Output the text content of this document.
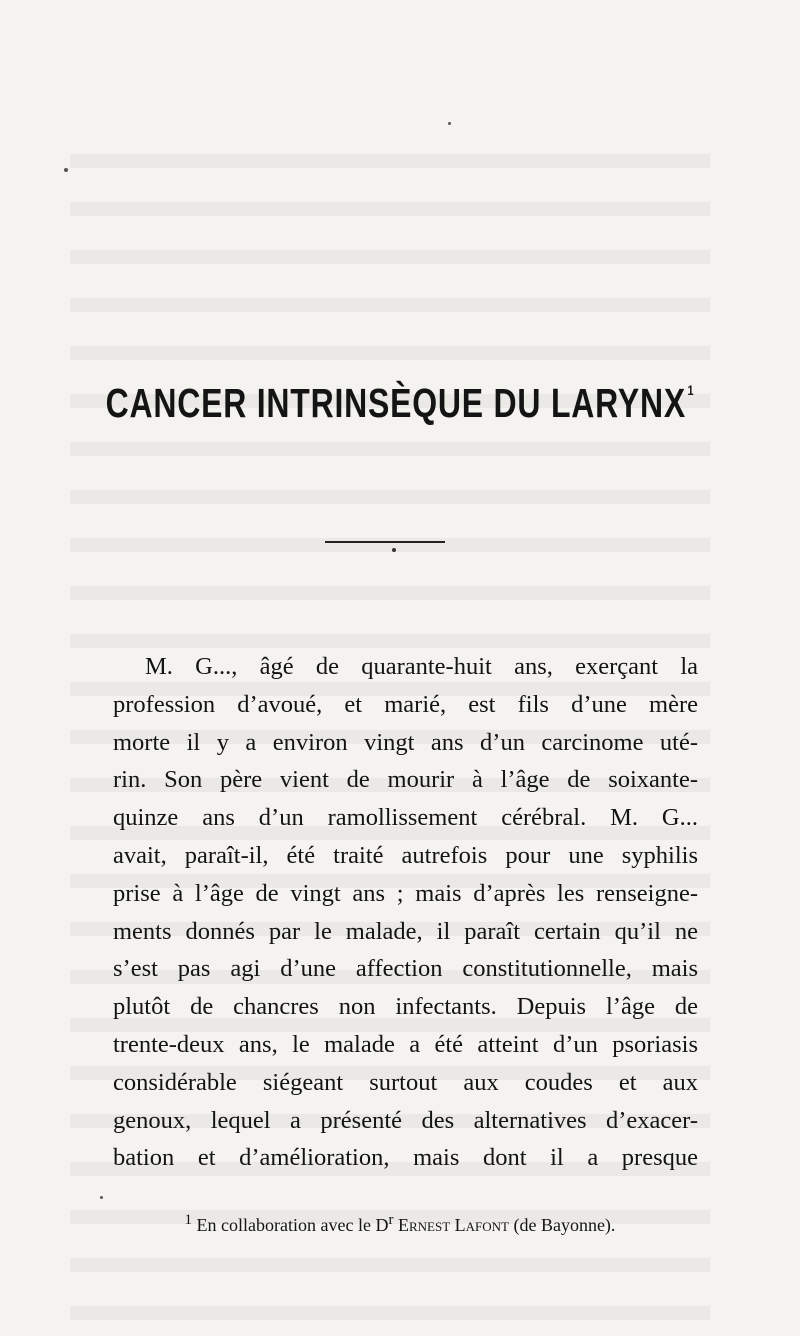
CANCER INTRINSÈQUE DU LARYNX $^1$
M. G..., âgé de quarante-huit ans, exerçant la
profession d’avoué, et marié, est fils d’une mère
morte il y a environ vingt ans d’un carcinome uté-
rin. Son père vient de mourir à l’âge de soixante-
quinze ans d’un ramollissement cérébral. M. G...
avait, paraît-il, été traité autrefois pour une syphilis
prise à l’âge de vingt ans ; mais d’après les renseigne-
ments donnés par le malade, il paraît certain qu’il ne
s’est pas agi d’une affection constitutionnelle, mais
plutôt de chancres non infectants. Depuis l’âge de
trente-deux ans, le malade a été atteint d’un psoriasis
considérable siégeant surtout aux coudes et aux
genoux, lequel a présenté des alternatives d’exacer-
bation et d’amélioration, mais dont il a presque
$^1$ En collaboration avec le $D^r$ Ernest Lafont (de Bayonne).
